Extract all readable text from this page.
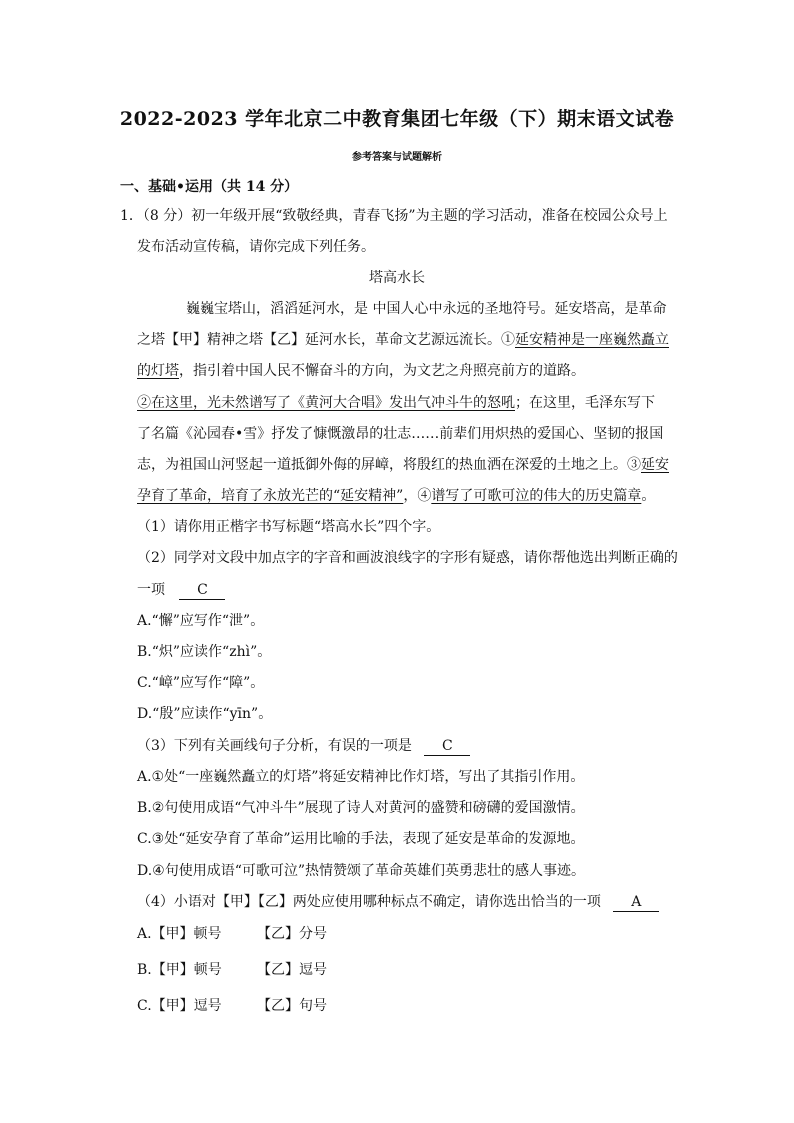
2022-2023 学年北京二中教育集团七年级（下）期末语文试卷
参考答案与试题解析
一、基础•运用（共 14 分）
1．（8 分）初一年级开展“致敬经典，青春飞扬”为主题的学习活动，准备在校园公众号上
发布活动宣传稿，请你完成下列任务。
塔高水长
巍巍宝塔山，滔滔延河水，是 中国人心中永远的圣地符号。延安塔高，是革命
之塔【甲】精神之塔【乙】延河水长，革命文艺源远流长。①延安精神是一座巍然矗立
的灯塔，指引着中国人民不懈奋斗的方向，为文艺之舟照亮前方的道路。
②在这里，光未然谱写了《黄河大合唱》发出气冲斗牛的怒吼；在这里，毛泽东写下
了名篇《沁园春•雪》抒发了慷慨激昂的壮志……前辈们用炽热的爱国心、坚韧的报国
志，为祖国山河竖起一道抵御外侮的屏嶂，将殷红的热血洒在深爱的土地之上。③延安
孕育了革命，培育了永放光芒的“延安精神”，④谱写了可歌可泣的伟大的历史篇章。
（1）请你用正楷字书写标题“塔高水长”四个字。
（2）同学对文段中加点字的字音和画波浪线字的字形有疑惑，请你帮他选出判断正确的
一项 C
A.“懈”应写作“泄”。
B.“炽”应读作“zhì”。
C.“嶂”应写作“障”。
D.“殷”应读作“yīn”。
（3）下列有关画线句子分析，有误的一项是 C
A.①处“一座巍然矗立的灯塔”将延安精神比作灯塔，写出了其指引作用。
B.②句使用成语“气冲斗牛”展现了诗人对黄河的盛赞和磅礴的爱国激情。
C.③处“延安孕育了革命”运用比喻的手法，表现了延安是革命的发源地。
D.④句使用成语“可歌可泣”热情赞颂了革命英雄们英勇悲壮的感人事迹。
（4）小语对【甲】【乙】两处应使用哪种标点不确定，请你选出恰当的一项 A
A.【甲】顿号	【乙】分号
B.【甲】顿号	【乙】逗号
C.【甲】逗号	【乙】句号
